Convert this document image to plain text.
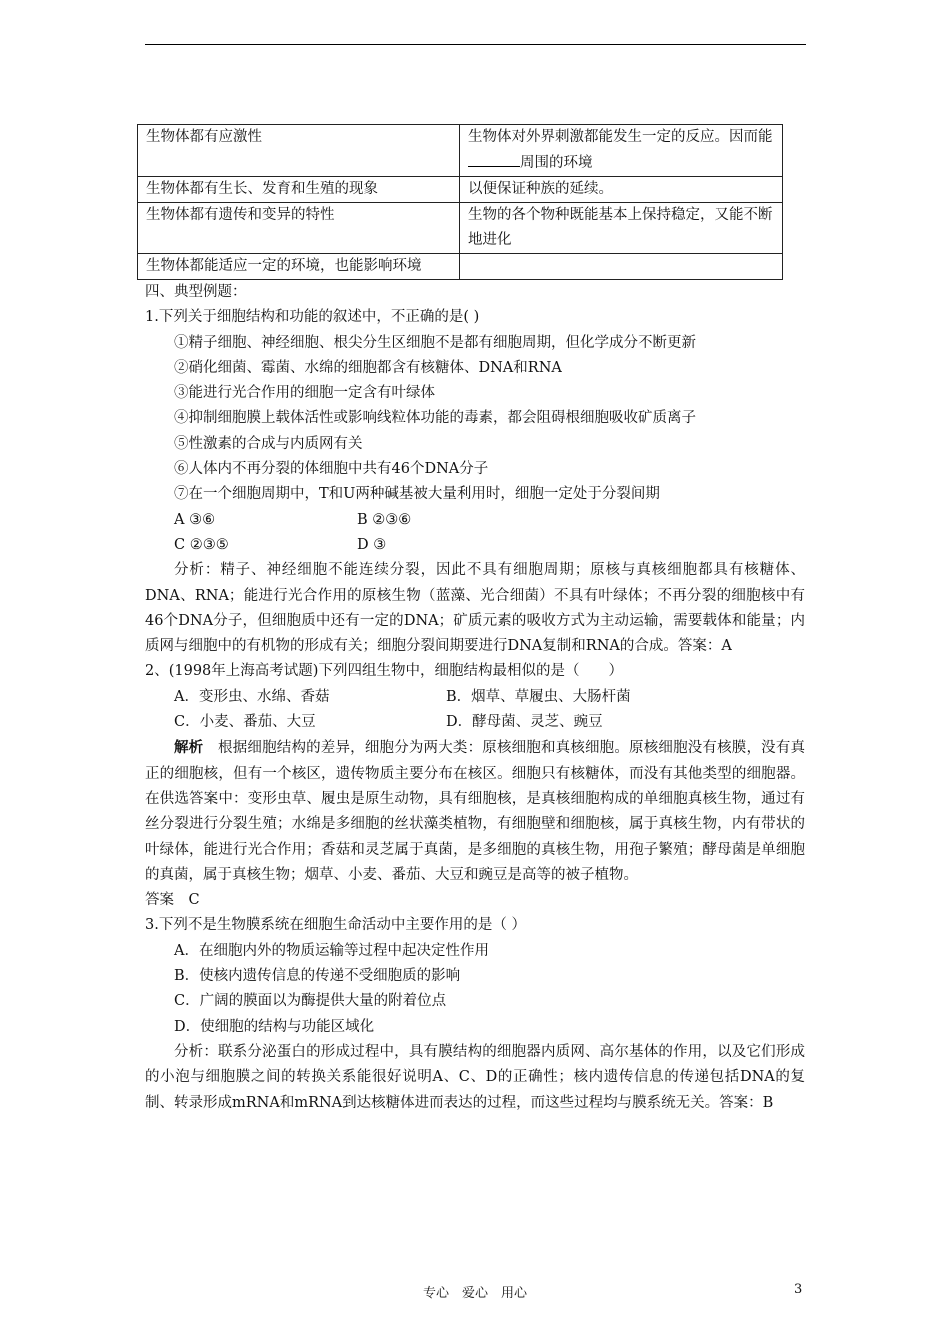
生物体都有应激性	生物体对外界刺激都能发生一定的反应。因而能周围的环境
生物体都有生长、发育和生殖的现象	以便保证种族的延续。
生物体都有遗传和变异的特性	生物的各个物种既能基本上保持稳定，又能不断地进化
生物体都能适应一定的环境，也能影响环境	
四、典型例题：
1.下列关于细胞结构和功能的叙述中，不正确的是( )
①精子细胞、神经细胞、根尖分生区细胞不是都有细胞周期，但化学成分不断更新
②硝化细菌、霉菌、水绵的细胞都含有核糖体、DNA和RNA
③能进行光合作用的细胞一定含有叶绿体
④抑制细胞膜上载体活性或影响线粒体功能的毒素，都会阻碍根细胞吸收矿质离子
⑤性激素的合成与内质网有关
⑥人体内不再分裂的体细胞中共有46个DNA分子
⑦在一个细胞周期中，T和U两种碱基被大量利用时，细胞一定处于分裂间期
A ③⑥	B ②③⑥
C ②③⑤	D ③

分析：精子、神经细胞不能连续分裂，因此不具有细胞周期；原核与真核细胞都具有核糖体、DNA、RNA；能进行光合作用的原核生物（蓝藻、光合细菌）不具有叶绿体；不再分裂的细胞核中有46个DNA分子，但细胞质中还有一定的DNA；矿质元素的吸收方式为主动运输，需要载体和能量；内质网与细胞中的有机物的形成有关；细胞分裂间期要进行DNA复制和RNA的合成。答案：A

2、(1998年上海高考试题)下列四组生物中，细胞结构最相似的是（　　）
A．变形虫、水绵、香菇	B．烟草、草履虫、大肠杆菌
C．小麦、番茄、大豆	D．酵母菌、灵芝、豌豆

解析　 根据细胞结构的差异，细胞分为两大类：原核细胞和真核细胞。原核细胞没有核膜，没有真正的细胞核，但有一个核区，遗传物质主要分布在核区。细胞只有核糖体，而没有其他类型的细胞器。在供选答案中：变形虫草、履虫是原生动物，具有细胞核，是真核细胞构成的单细胞真核生物，通过有丝分裂进行分裂生殖；水绵是多细胞的丝状藻类植物，有细胞壁和细胞核，属于真核生物，内有带状的叶绿体，能进行光合作用；香菇和灵芝属于真菌，是多细胞的真核生物，用孢子繁殖；酵母菌是单细胞的真菌，属于真核生物；烟草、小麦、番茄、大豆和豌豆是高等的被子植物。

答案　C
3.下列不是生物膜系统在细胞生命活动中主要作用的是（ ）
A．在细胞内外的物质运输等过程中起决定性作用
B．使核内遗传信息的传递不受细胞质的影响
C．广阔的膜面以为酶提供大量的附着位点
D．使细胞的结构与功能区域化

分析：联系分泌蛋白的形成过程中，具有膜结构的细胞器内质网、高尔基体的作用，以及它们形成的小泡与细胞膜之间的转换关系能很好说明A、C、D的正确性；核内遗传信息的传递包括DNA的复制、转录形成mRNA和mRNA到达核糖体进而表达的过程，而这些过程均与膜系统无关。答案：B

专心　爱心　用心	3
